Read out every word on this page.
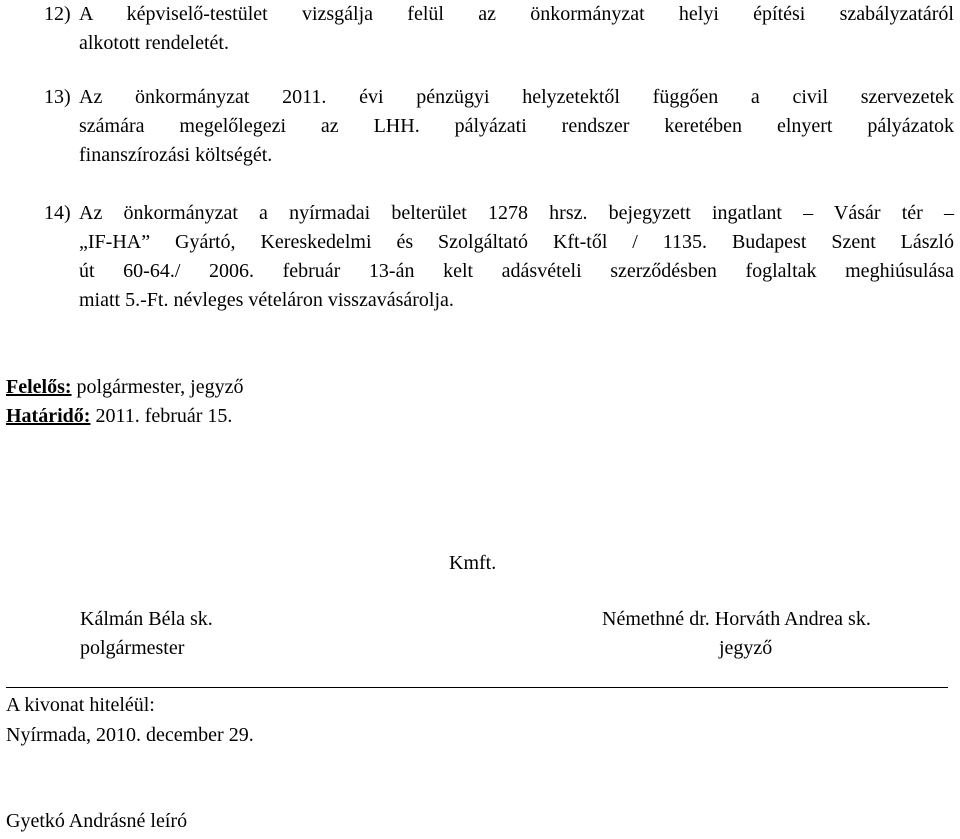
12) A képviselő-testület vizsgálja felül az önkormányzat helyi építési szabályzatáról
alkotott rendeletét.
13) Az önkormányzat 2011. évi pénzügyi helyzetektől függően a civil szervezetek
számára megelőlegezi az LHH. pályázati rendszer keretében elnyert pályázatok
finanszírozási költségét.
14) Az önkormányzat a nyírmadai belterület 1278 hrsz. bejegyzett ingatlant – Vásár tér –
„IF-HA” Gyártó, Kereskedelmi és Szolgáltató Kft-től / 1135. Budapest Szent László
út 60-64./ 2006. február 13-án kelt adásvételi szerződésben foglaltak meghiúsulása
miatt 5.-Ft. névleges vételáron visszavásárolja.
Felelős: polgármester, jegyző
Határidő: 2011. február 15.
Kmft.
Kálmán Béla sk.
polgármester
Némethné dr. Horváth Andrea sk.
jegyző
A kivonat hiteléül:
Nyírmada, 2010. december 29.
Gyetkó Andrásné leíró
